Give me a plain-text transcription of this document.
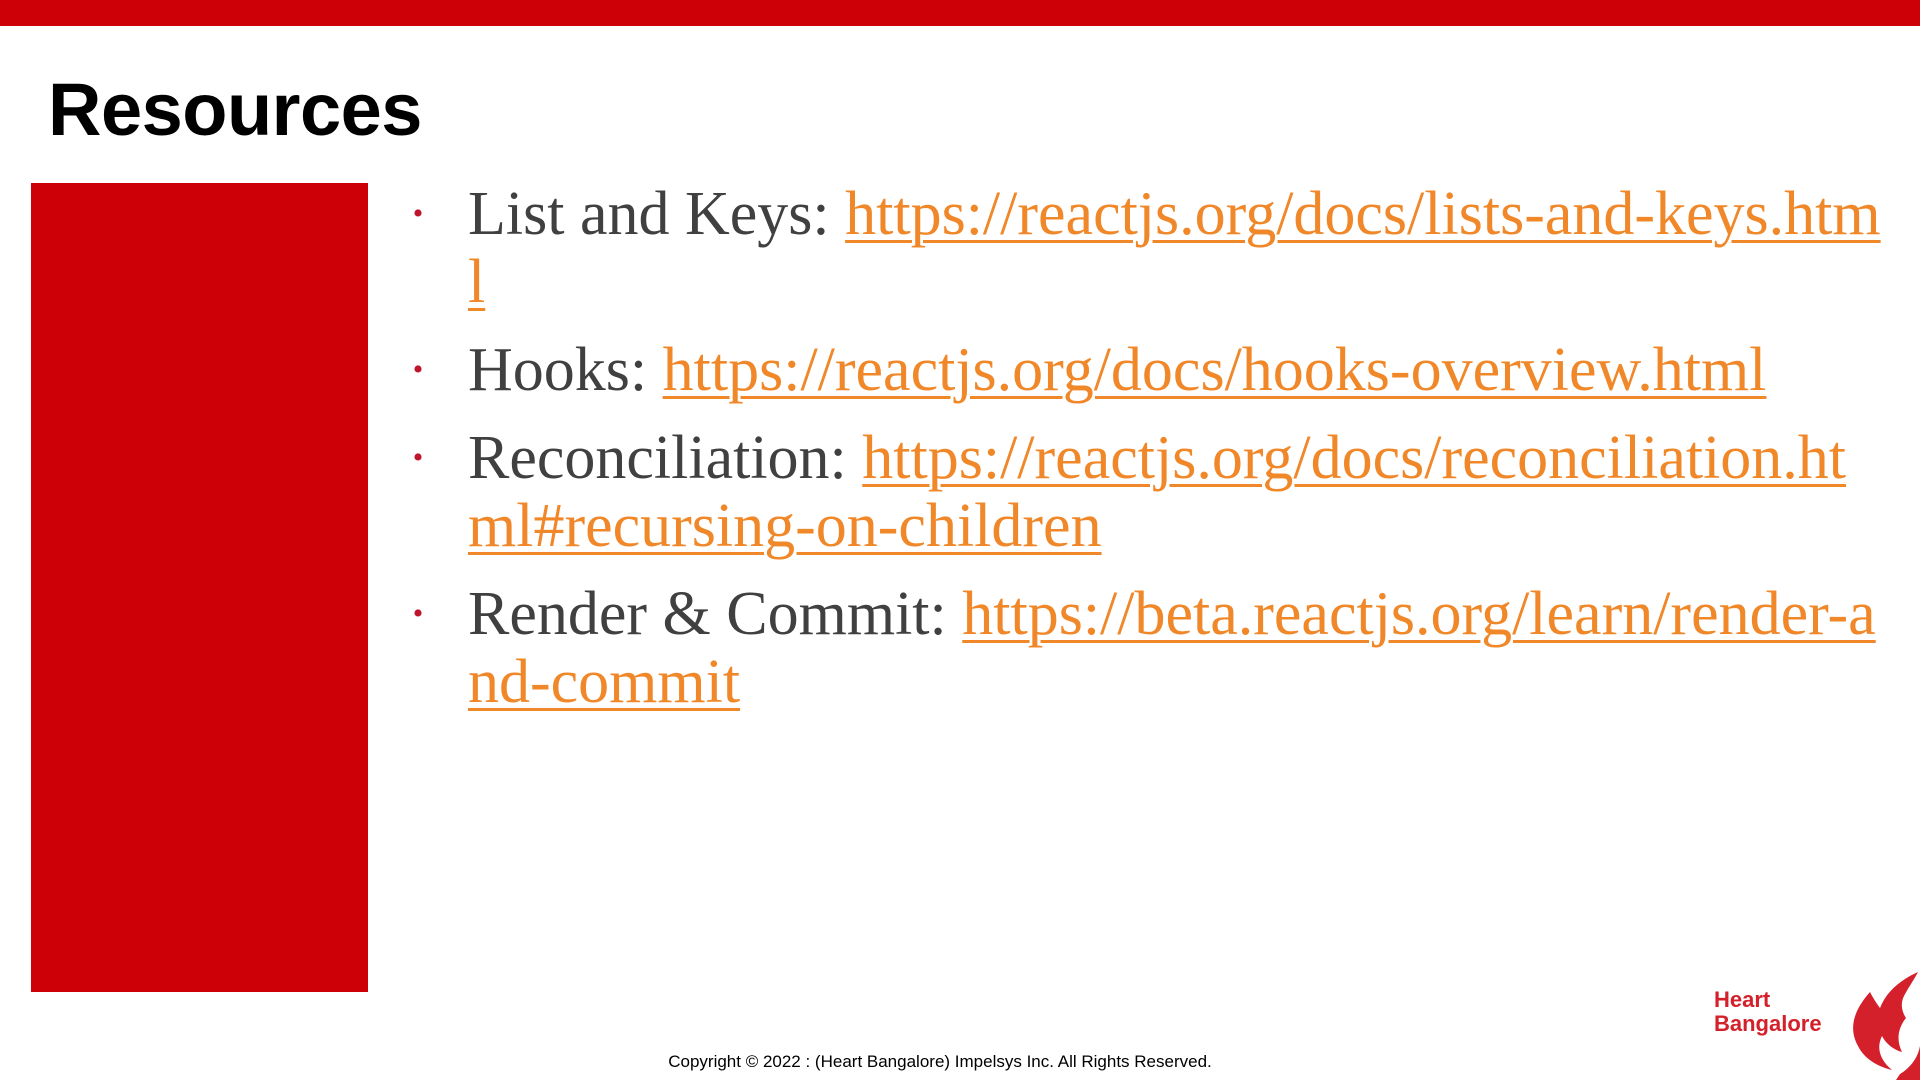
Resources
• List and Keys: https://reactjs.org/docs/lists-and-keys.html
• Hooks: https://reactjs.org/docs/hooks-overview.html
• Reconciliation: https://reactjs.org/docs/reconciliation.html#recursing-on-children
• Render & Commit: https://beta.reactjs.org/learn/render-and-commit
Copyright © 2022 : (Heart Bangalore) Impelsys Inc. All Rights Reserved.
Heart
Bangalore
